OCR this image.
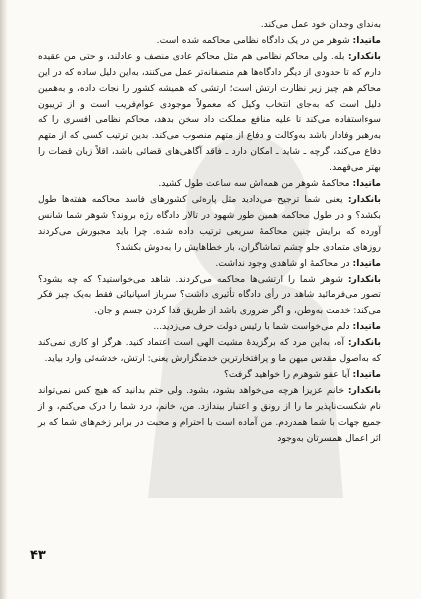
به‌ندای وجدان خود عمل می‌کند.

ماتیدا: شوهر من در یک دادگاه نظامی محاکمه شده است.

بانکدار: بله. ولی محاکم نظامی هم مثل محاکم عادی منصف و عادلند، و حتی من عقیده دارم که تا حدودی از دیگر دادگاه‌ها هم منصفانه‌تر عمل می‌کنند، به‌این دلیل ساده که در این محاکم هم چیز زیر نظارت ارتش است؛ ارتشی که همیشه کشور را نجات داده، و به‌همین دلیل است که به‌جای انتخاب وکیل که معمولاً موجودی عوام‌فریب است و از تریبون سوءاستفاده می‌کند تا علیه منافع مملکت داد سخن بدهد، محاکم نظامی افسری را که به‌رهبر وفادار باشد به‌وکالت و دفاع از متهم منصوب می‌کند. بدین ترتیب کسی که از متهم دفاع می‌کند، گرچه ـ شاید ـ امکان دارد ـ فاقد آگاهی‌های قضائی باشد، اقلاً زبان قضات را بهتر می‌فهمد.

ماتیدا: محاکمهٔ شوهر من همه‌اش سه ساعت طول کشید.

بانکدار: یعنی شما ترجیح می‌دادید مثل پاره‌ئی کشورهای فاسد محاکمه هفته‌ها طول بکشد؟ و در طول محاکمه همین طور شهود در تالار دادگاه رژه بروند؟ شوهر شما شانس آورده که برایش چنین محاکمهٔ سریعی ترتیب داده شده. چرا باید مجبورش می‌کردند روزهای متمادی جلو چشم تماشاگران، بار خطاهایش را به‌دوش بکشد؟

ماتیدا: در محاکمهٔ او شاهدی وجود نداشت.

بانکدار: شوهر شما را ارتشی‌ها محاکمه می‌کردند. شاهد می‌خواستید؟ که چه بشود؟ تصور می‌فرمائید شاهد در رأی دادگاه تأثیری داشت؟ سرباز اسپانیائی فقط به‌یک چیز فکر می‌کند: خدمت به‌وطن، و اگر ضروری باشد از طریق فدا کردن جسم و جان.

ماتیدا: دلم می‌خواست شما با رئیس دولت حرف می‌زدید...

بانکدار: آه، به‌این مرد که برگزیدهٔ مشیت الهی است اعتماد کنید. هرگز او کاری نمی‌کند که به‌اصول مقدس میهن ما و پرافتخارترین خدمتگزارش یعنی: ارتش، خدشه‌ئی وارد بیاید.

ماتیدا: آیا عفو شوهرم را خواهید گرفت؟

بانکدار: خانم عزیزا هرچه می‌خواهد بشود، بشود. ولی حتم بدانید که هیچ کس نمی‌تواند نام شکست‌ناپذیر ما را از رونق و اعتبار بیندازد. من، خانم، درد شما را درک می‌کنم، و از جمیع جهات با شما همدردم. من آماده است با احترام و محبت در برابر زخم‌های شما که بر اثر اعمال همسرتان به‌وجود

۴۳
